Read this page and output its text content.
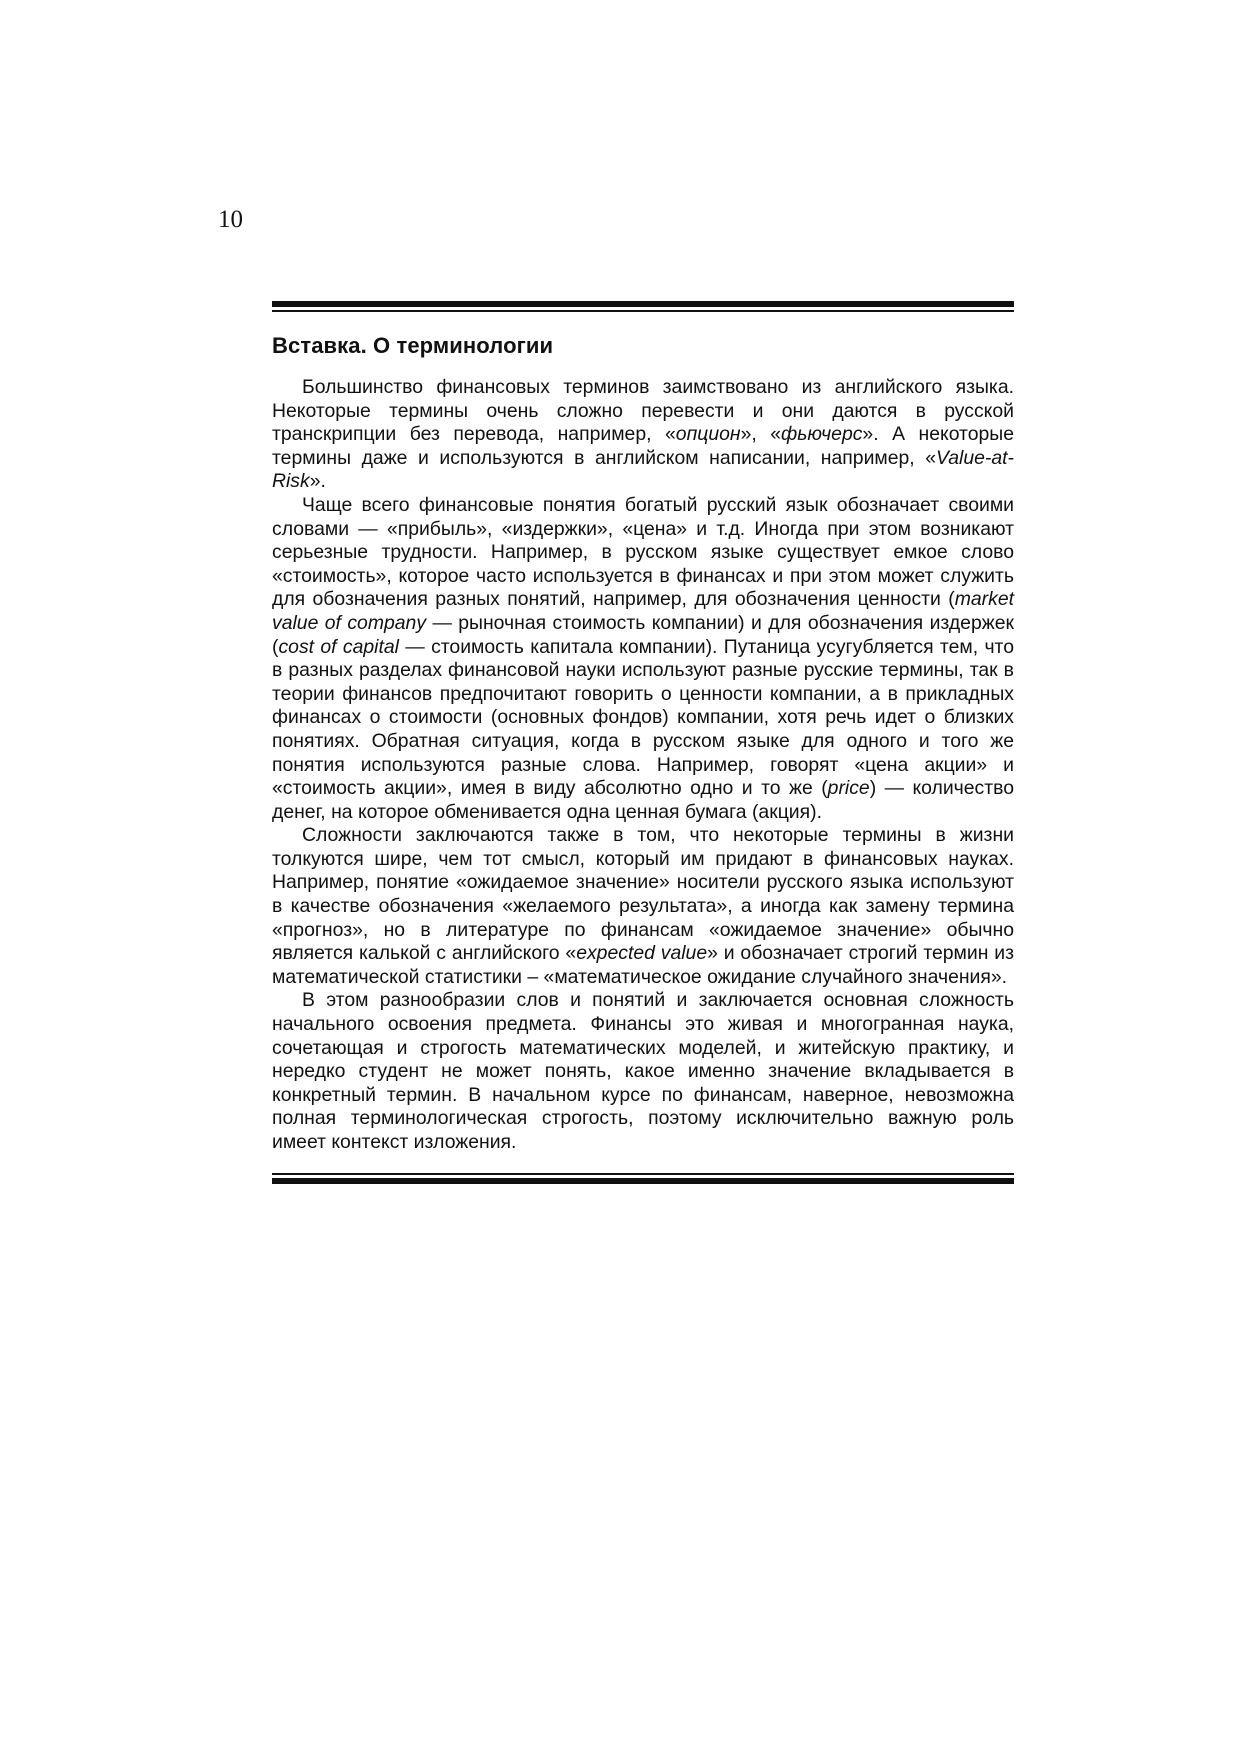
10
Вставка. О терминологии

Большинство финансовых терминов заимствовано из английского языка. Некоторые термины очень сложно перевести и они даются в русской транскрипции без перевода, например, «опцион», «фьючерс». А некоторые термины даже и используются в английском написании, например, «Value-at-Risk».

Чаще всего финансовые понятия богатый русский язык обозначает своими словами — «прибыль», «издержки», «цена» и т.д. Иногда при этом возникают серьезные трудности. Например, в русском языке существует емкое слово «стоимость», которое часто используется в финансах и при этом может служить для обозначения разных понятий, например, для обозначения ценности (market value of company — рыночная стоимость компании) и для обозначения издержек (cost of capital — стоимость капитала компании). Путаница усугубляется тем, что в разных разделах финансовой науки используют разные русские термины, так в теории финансов предпочитают говорить о ценности компании, а в прикладных финансах о стоимости (основных фондов) компании, хотя речь идет о близких понятиях. Обратная ситуация, когда в русском языке для одного и того же понятия используются разные слова. Например, говорят «цена акции» и «стоимость акции», имея в виду абсолютно одно и то же (price) — количество денег, на которое обменивается одна ценная бумага (акция).

Сложности заключаются также в том, что некоторые термины в жизни толкуются шире, чем тот смысл, который им придают в финансовых науках. Например, понятие «ожидаемое значение» носители русского языка используют в качестве обозначения «желаемого результата», а иногда как замену термина «прогноз», но в литературе по финансам «ожидаемое значение» обычно является калькой с английского «expected value» и обозначает строгий термин из математической статистики – «математическое ожидание случайного значения».

В этом разнообразии слов и понятий и заключается основная сложность начального освоения предмета. Финансы это живая и многогранная наука, сочетающая и строгость математических моделей, и житейскую практику, и нередко студент не может понять, какое именно значение вкладывается в конкретный термин. В начальном курсе по финансам, наверное, невозможна полная терминологическая строгость, поэтому исключительно важную роль имеет контекст изложения.
